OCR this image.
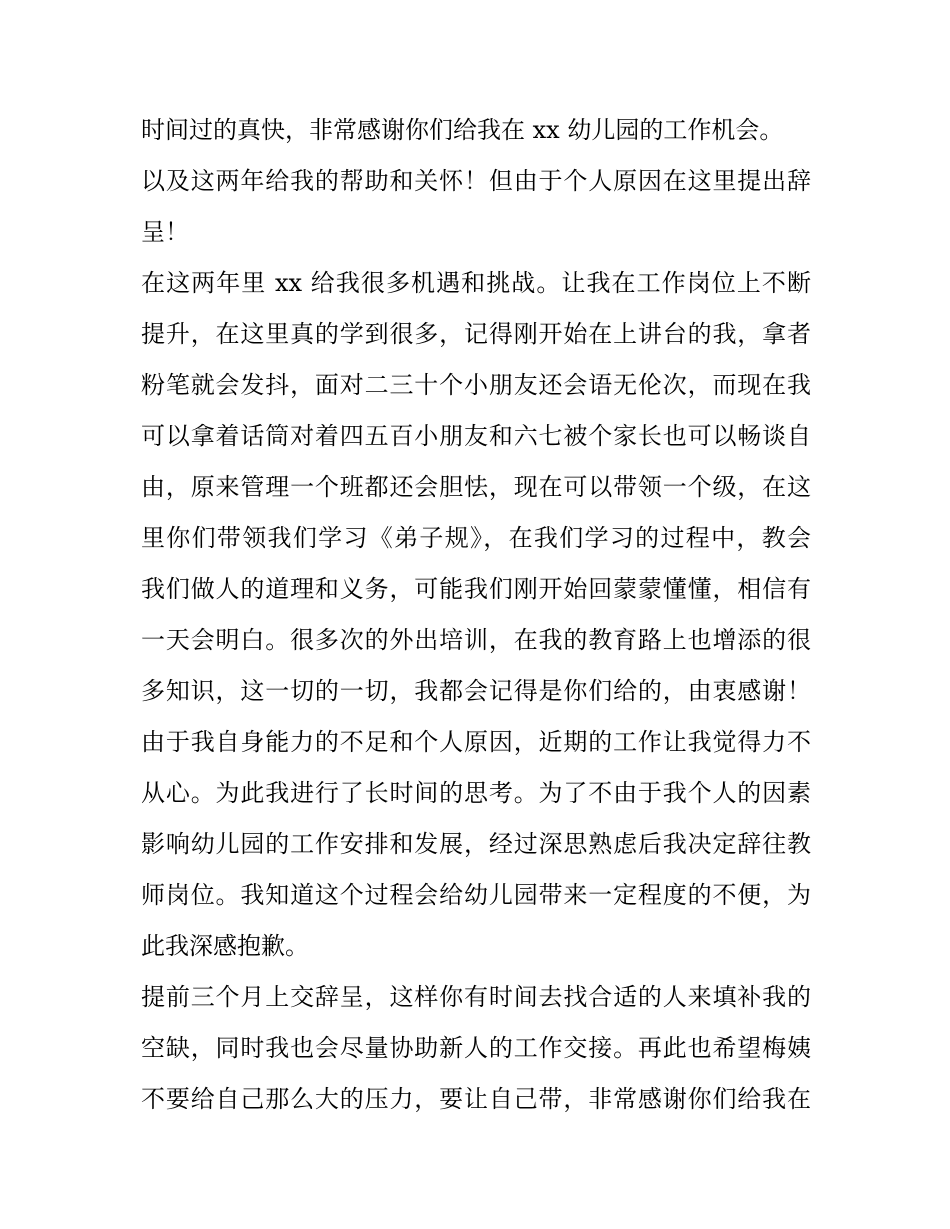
时间过的真快，非常感谢你们给我在 xx 幼儿园的工作机会。
以及这两年给我的帮助和关怀！但由于个人原因在这里提出辞
呈！
在这两年里 xx 给我很多机遇和挑战。让我在工作岗位上不断
提升，在这里真的学到很多，记得刚开始在上讲台的我，拿者
粉笔就会发抖，面对二三十个小朋友还会语无伦次，而现在我
可以拿着话筒对着四五百小朋友和六七被个家长也可以畅谈自
由，原来管理一个班都还会胆怯，现在可以带领一个级，在这
里你们带领我们学习《弟子规》，在我们学习的过程中，教会
我们做人的道理和义务，可能我们刚开始回蒙蒙懂懂，相信有
一天会明白。很多次的外出培训，在我的教育路上也增添的很
多知识，这一切的一切，我都会记得是你们给的，由衷感谢！
由于我自身能力的不足和个人原因，近期的工作让我觉得力不
从心。为此我进行了长时间的思考。为了不由于我个人的因素
影响幼儿园的工作安排和发展，经过深思熟虑后我决定辞往教
师岗位。我知道这个过程会给幼儿园带来一定程度的不便，为
此我深感抱歉。
提前三个月上交辞呈，这样你有时间去找合适的人来填补我的
空缺，同时我也会尽量协助新人的工作交接。再此也希望梅姨
不要给自己那么大的压力，要让自己带，非常感谢你们给我在
